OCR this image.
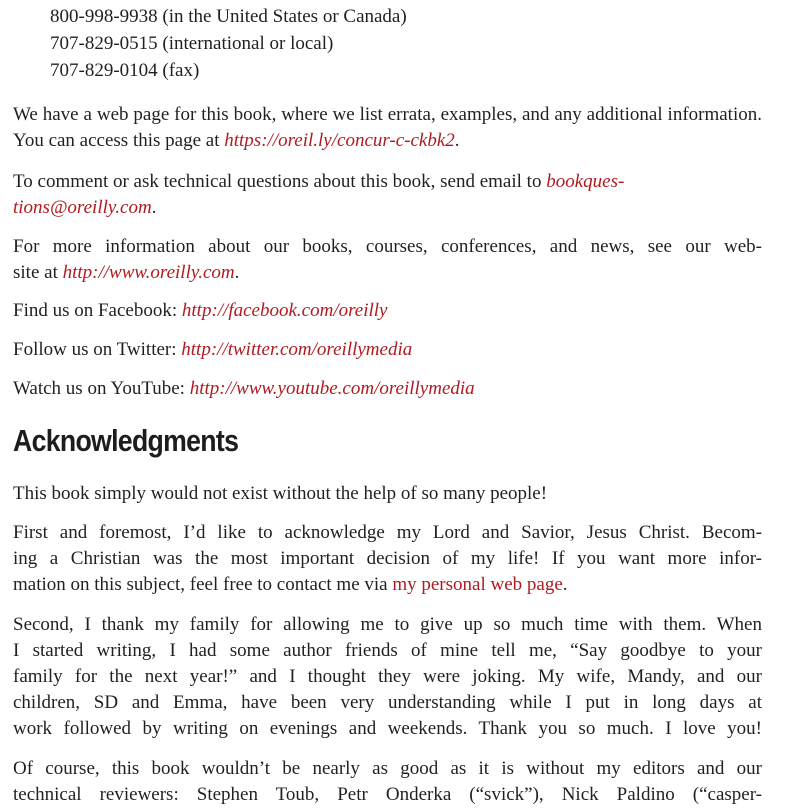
800-998-9938 (in the United States or Canada)
707-829-0515 (international or local)
707-829-0104 (fax)

We have a web page for this book, where we list errata, examples, and any additional information. You can access this page at https://oreil.ly/concur-c-ckbk2.

To comment or ask technical questions about this book, send email to bookques-
tions@oreilly.com.

For more information about our books, courses, conferences, and news, see our web-
site at http://www.oreilly.com.

Find us on Facebook: http://facebook.com/oreilly

Follow us on Twitter: http://twitter.com/oreillymedia

Watch us on YouTube: http://www.youtube.com/oreillymedia

Acknowledgments

This book simply would not exist without the help of so many people!

First and foremost, I’d like to acknowledge my Lord and Savior, Jesus Christ. Becom-
ing a Christian was the most important decision of my life! If you want more infor-
mation on this subject, feel free to contact me via my personal web page.

Second, I thank my family for allowing me to give up so much time with them. When
I started writing, I had some author friends of mine tell me, “Say goodbye to your
family for the next year!” and I thought they were joking. My wife, Mandy, and our
children, SD and Emma, have been very understanding while I put in long days at
work followed by writing on evenings and weekends. Thank you so much. I love you!

Of course, this book wouldn’t be nearly as good as it is without my editors and our
technical reviewers: Stephen Toub, Petr Onderka (“svick”), Nick Paldino (“casper-
